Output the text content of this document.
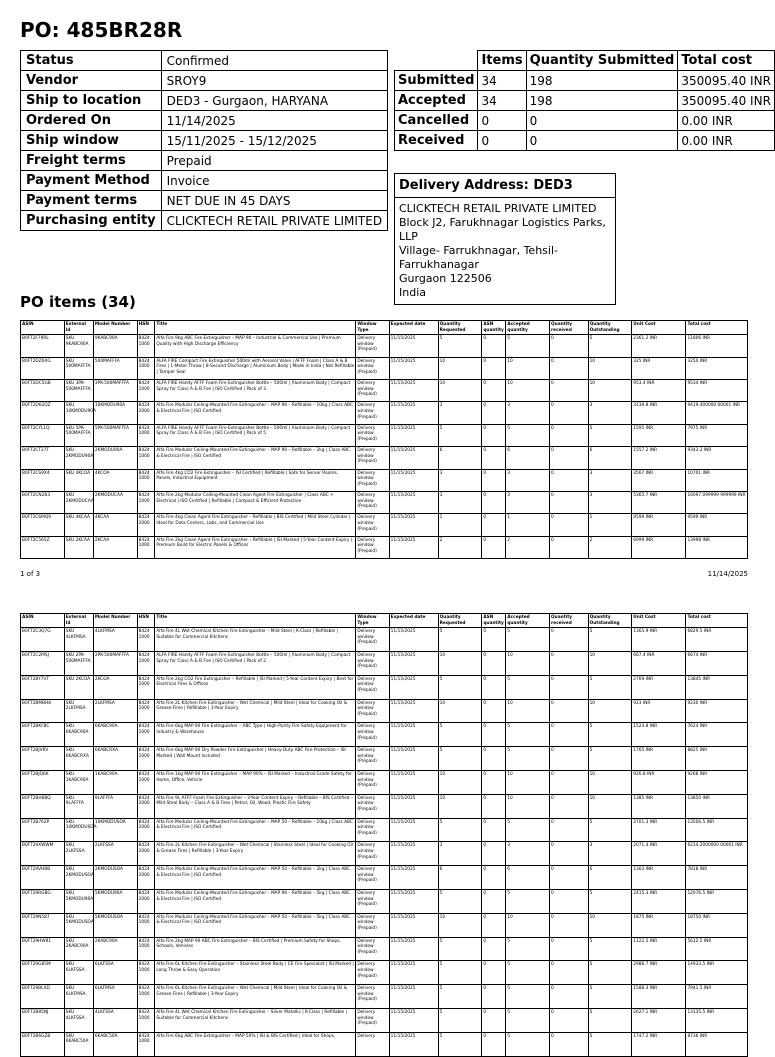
PO: 485BR28R
Status	Confirmed
Vendor	SROY9
Ship to location	DED3 - Gurgaon, HARYANA
Ordered On	11/14/2025
Ship window	15/11/2025 - 15/12/2025
Freight terms	Prepaid
Payment Method	Invoice
Payment terms	NET DUE IN 45 DAYS
Purchasing entity	CLICKTECH RETAIL PRIVATE LIMITED
	Items	Quantity Submitted	Total cost
Submitted	34	198	350095.40 INR
Accepted	34	198	350095.40 INR
Cancelled	0	0	0.00 INR
Received	0	0	0.00 INR
Delivery Address: DED3
CLICKTECH RETAIL PRIVATE LIMITED
Block J2, Farukhnagar Logistics Parks, LLP
Village- Farrukhnagar, Tehsil- Farrukhanagar
Gurgaon 122506
India
PO items (34)
ASIN	External Id	Model Number	HSN	Title	Window Type	Expected date	Quantity Requested	ASN quantity	Accepted quantity	Quantity received	Quantity Outstanding	Unit Cost	Total cost
B0FT2F79RL	SKU 9KABC90A	9KABC90A	8424 1000	Alfa Fire 9kg ABC Fire Extinguisher – MAP 90 – Industrial & Commercial Use | Premium Quality with High Discharge Efficiency	Delivery window (Prepaid)	11/15/2025	5	0	5	0	5	2361.2 INR	11806 INR
B0FT2DZ6XG	SKU 500MAFFFA	500MAFFFA	8424 1000	ALFA FIRE Compact Fire Extinguisher 500ml with Aerosol Valve | AFFF Foam | Class A & B Fires | 1-Meter Throw | 8-Second Discharge | Aluminium Body | Made in India | Not Refillable | Tamper Seal	Delivery window (Prepaid)	11/15/2025	10	0	10	0	10	325 INR	3250 INR
B0FT2DC5GB	SKU 3PK-500MAFFFA	3PK-500MAFFFA	8424 1000	ALFA FIRE Handy AFFF Foam Fire Extinguisher Bottle – 500ml | Aluminium Body | Compact Spray for Class A & B Fire | ISO Certified | Pack of 3	Delivery window (Prepaid)	11/15/2025	10	0	10	0	10	953.4 INR	9534 INR
B0FT2D62QZ	SKU 10KMODU90A	10KMODU90A	8424 1000	Alfa Fire Modular Ceiling-Mounted Fire Extinguisher – MAP 90 – Refillable – 10kg | Class ABC & Electrical Fire | ISO Certified	Delivery window (Prepaid)	11/15/2025	3	0	3	0	3	3139.8 INR	9419.400000 00001 INR
B0FT2CYL1Q	SKU 5PK-500MAFFFA	5PK-500MAFFFA	8424 1000	ALFA FIRE Handy AFFF Foam Fire Extinguisher Bottle – 500ml | Aluminium Body | Compact Spray for Class A & B Fire | ISO Certified | Pack of 5	Delivery window (Prepaid)	11/15/2025	5	0	5	0	5	1595 INR	7975 INR
B0FT2CT27T	SKU 2KMODU90A	2KMODU90A	8424 1000	Alfa Fire Modular Ceiling-Mounted Fire Extinguisher – MAP 90 – Refillable – 2kg | Class ABC & Electrical Fire | ISO Certified	Delivery window (Prepaid)	11/15/2025	6	0	6	0	6	1557.2 INR	9343.2 INR
B0FT2CS9X4	SKU 4KCOA	4KCOA	8424 1000	Alfa Fire 4kg CO2 Fire Extinguisher – ISI Certified | Refillable | Safe for Server Rooms, Panels, Industrial Equipment	Delivery window (Prepaid)	11/15/2025	3	0	3	0	3	3567 INR	10701 INR
B0FT2CN2B3	SKU 2KMODUCAA	2KMODUCAA	8424 1000	Alfa Fire 2kg Modular Ceiling-Mounted Clean Agent Fire Extinguisher | Class ABC + Electrical | ISO Certified | Refillable | Compact & Efficient Protection	Delivery window (Prepaid)	11/15/2025	3	0	3	0	3	5365.7 INR	16097.099999 999999 INR
B0FT2C6MQ9	SKU 4KCAA	4KCAA	8424 1000	Alfa Fire 4kg Clean Agent Fire Extinguisher – Refillable | BIS Certified | Mild Steel Cylinder | Ideal for Data Centers, Labs, and Commercial Use	Delivery window (Prepaid)	11/15/2025	1	0	1	0	1	9599 INR	9599 INR
B0FT2C565Z	SKU 2KCAA	2KCAA	8424 1000	Alfa Fire 2kg Clean Agent Fire Extinguisher – Refillable | ISI Marked | 5-Year Content Expiry | Premium Build for Electric Panels & Offices	Delivery window (Prepaid)	11/15/2025	2	0	2	0	2	6999 INR	13998 INR
1 of 3	11/14/2025
ASIN	External Id	Model Number	HSN	Title	Window Type	Expected date	Quantity Requested	ASN quantity	Accepted quantity	Quantity received	Quantity Outstanding	Unit Cost	Total cost
B0FT2C3Q7G	SKU 4LKFMSA	4LKFMSA	8424 1000	Alfa Fire 4L Wet Chemical Kitchen Fire Extinguisher – Mild Steel | K-Class | Refillable | Suitable for Commercial Kitchens	Delivery window (Prepaid)	11/15/2025	5	0	5	0	5	1365.9 INR	6829.5 INR
B0FT2C2MSJ	SKU 2PK-500MAFFFA	2PK-500MAFFFA	8424 1000	ALFA FIRE Handy AFFF Foam Fire Extinguisher Bottle – 500ml | Aluminium Body | Compact Spray for Class A & B Fire | ISO Certified | Pack of 2	Delivery window (Prepaid)	11/15/2025	10	0	10	0	10	667.4 INR	6674 INR
B0FT2BY7VT	SKU 2KCOA	2KCOA	8424 1000	Alfa Fire 2kg CO2 Fire Extinguisher – Refillable | ISI Marked | 5-Year Content Expiry | Best for Electrical Fires & Offices	Delivery window (Prepaid)	11/15/2025	5	0	5	0	5	2769 INR	13845 INR
B0FT2BMBH8	SKU 2LKFMSA	2LKFMSA	8424 1000	Alfa Fire 2L Kitchen Fire Extinguisher – Wet Chemical | Mild Steel | Ideal for Cooking Oil & Grease Fires | Refillable | 3-Year Expiry	Delivery window (Prepaid)	11/15/2025	10	0	10	0	10	923 INR	9230 INR
B0FT2BKF8C	SKU 6KABC90A	6KABC90A	8424 1000	Alfa Fire 6kg MAP 90 Fire Extinguisher – ABC Type | High-Purity Fire Safety Equipment for Industry & Warehouse	Delivery window (Prepaid)	11/15/2025	5	0	5	0	5	1524.8 INR	7624 INR
B0FT2BJVKV	SKU 6KABCRXA	6KABCRXA	8424 1000	Alfa Fire 6kg MAP 90 Dry Powder Fire Extinguisher | Heavy-Duty ABC Fire Protection – ISI Marked | Wall Mount Included	Delivery window (Prepaid)	11/15/2025	5	0	5	0	5	1765 INR	8825 INR
B0FT2BJQ6K	SKU 1KABC90A	1KABC90A	8424 1000	Alfa Fire 1kg MAP 90 Fire Extinguisher – MAP 90% – ISI Marked – Industrial Grade Safety for Home, Office, Vehicle	Delivery window (Prepaid)	11/15/2025	10	0	10	0	10	926.8 INR	9268 INR
B0FT2BH6BQ	SKU 9LAFFFA	9LAFFFA	8424 1000	Alfa Fire 9L AFFF Foam Fire Extinguisher – 3-Year Content Expiry – Refillable – BIS Certified – Mild Steel Body – Class A & B Fires | Petrol, Oil, Wood, Plastic Fire Safety	Delivery window (Prepaid)	11/15/2025	10	0	10	0	10	1385 INR	13850 INR
B0FT2B762P	SKU 10KMODUSOA	10KMODUSOA	8424 1000	Alfa Fire Modular Ceiling-Mounted Fire Extinguisher – MAP 50 – Refillable – 10kg | Class ABC & Electrical Fire | ISO Certified	Delivery window (Prepaid)	11/15/2025	5	0	5	0	5	2701.3 INR	13506.5 INR
B0FT29XWWM	SKU 2LKFSSA	2LKFSSA	8424 1000	Alfa Fire 2L Kitchen Fire Extinguisher – Wet Chemical | Stainless Steel | Ideal for Cooking Oil & Grease Fires | Refillable | 3-Year Expiry	Delivery window (Prepaid)	11/15/2025	3	0	3	0	3	2071.4 INR	6214.2000000 00001 INR
B0FT29VHBB	SKU 2KMODUSOA	2KMODUSOA	8424 1000	Alfa Fire Modular Ceiling-Mounted Fire Extinguisher – MAP 50 – Refillable – 2kg | Class ABC & Electrical Fire | ISO Certified	Delivery window (Prepaid)	11/15/2025	6	0	6	0	6	1303 INR	7818 INR
B0FT29RGBG	SKU 5KMODU90A	5KMODU90A	8424 1000	Alfa Fire Modular Ceiling-Mounted Fire Extinguisher – MAP 90 – Refillable – 5kg | Class ABC & Electrical Fire | ISO Certified	Delivery window (Prepaid)	11/15/2025	5	0	5	0	5	2415.3 INR	12076.5 INR
B0FT29N587	SKU 5KMODUSOA	5KMODUSOA	8424 1000	Alfa Fire Modular Ceiling-Mounted Fire Extinguisher – MAP 50 – Refillable – 5kg | Class ABC & Electrical Fire | ISO Certified	Delivery window (Prepaid)	11/15/2025	10	0	10	0	10	1875 INR	18750 INR
B0FT29HW91	SKU 2KABC90A	2KABC90A	8424 1000	Alfa Fire 2kg MAP 90 ABC Fire Extinguisher – BIS Certified | Premium Safety for Shops, Schools, Vehicles	Delivery window (Prepaid)	11/15/2025	5	0	5	0	5	1122.5 INR	5612.5 INR
B0FT29G85M	SKU 6LKFSSA	6LKFSSA	8424 1000	Alfa Fire 6L Kitchen Fire Extinguisher – Stainless Steel Body | CE Fire Specialist | ISI Marked | Long Throw & Easy Operation	Delivery window (Prepaid)	11/15/2025	5	0	5	0	5	2986.7 INR	14933.5 INR
B0FT29BLXD	SKU 6LKFMSA	6LKFMSA	8424 1000	Alfa Fire 6L Kitchen Fire Extinguisher – Wet Chemical | Mild Steel | Ideal for Cooking Oil & Grease Fires | Refillable | 3-Year Expiry	Delivery window (Prepaid)	11/15/2025	5	0	5	0	5	1588.3 INR	7941.5 INR
B0FT2B85NJ	SKU 4LKFSSA	4LKFSSA	8424 1000	Alfa Fire 4L Wet Chemical Kitchen Fire Extinguisher – Silver Metallic | K-Class | Refillable | Suitable for Commercial Kitchens	Delivery window (Prepaid)	11/15/2025	5	0	5	0	5	2627.1 INR	13135.5 INR
B0FT2B6GZ8	SKU 6KABC50A	6KABC50A	8424 1000	Alfa Fire 6kg ABC Fire Extinguisher – MAP 50% | ISI & BIS Certified | Ideal for Shops,	Delivery	11/15/2025	5	0	5	0	5	1747.2 INR	8736 INR
